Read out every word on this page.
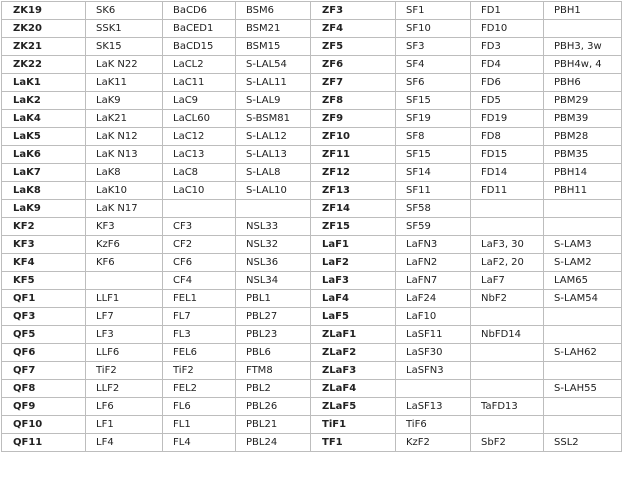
ZK19	SK6	BaCD6	BSM6	ZF3	SF1	FD1	PBH1
ZK20	SSK1	BaCED1	BSM21	ZF4	SF10	FD10	
ZK21	SK15	BaCD15	BSM15	ZF5	SF3	FD3	PBH3, 3w
ZK22	LaK N22	LaCL2	S-LAL54	ZF6	SF4	FD4	PBH4w, 4
LaK1	LaK11	LaC11	S-LAL11	ZF7	SF6	FD6	PBH6
LaK2	LaK9	LaC9	S-LAL9	ZF8	SF15	FD5	PBM29
LaK4	LaK21	LaCL60	S-BSM81	ZF9	SF19	FD19	PBM39
LaK5	LaK N12	LaC12	S-LAL12	ZF10	SF8	FD8	PBM28
LaK6	LaK N13	LaC13	S-LAL13	ZF11	SF15	FD15	PBM35
LaK7	LaK8	LaC8	S-LAL8	ZF12	SF14	FD14	PBH14
LaK8	LaK10	LaC10	S-LAL10	ZF13	SF11	FD11	PBH11
LaK9	LaK N17			ZF14	SF58		
KF2	KF3	CF3	NSL33	ZF15	SF59		
KF3	KzF6	CF2	NSL32	LaF1	LaFN3	LaF3, 30	S-LAM3
KF4	KF6	CF6	NSL36	LaF2	LaFN2	LaF2, 20	S-LAM2
KF5		CF4	NSL34	LaF3	LaFN7	LaF7	LAM65
QF1	LLF1	FEL1	PBL1	LaF4	LaF24	NbF2	S-LAM54
QF3	LF7	FL7	PBL27	LaF5	LaF10		
QF5	LF3	FL3	PBL23	ZLaF1	LaSF11	NbFD14	
QF6	LLF6	FEL6	PBL6	ZLaF2	LaSF30		S-LAH62
QF7	TiF2	TiF2	FTM8	ZLaF3	LaSFN3		
QF8	LLF2	FEL2	PBL2	ZLaF4			S-LAH55
QF9	LF6	FL6	PBL26	ZLaF5	LaSF13	TaFD13	
QF10	LF1	FL1	PBL21	TiF1	TiF6		
QF11	LF4	FL4	PBL24	TF1	KzF2	SbF2	SSL2
